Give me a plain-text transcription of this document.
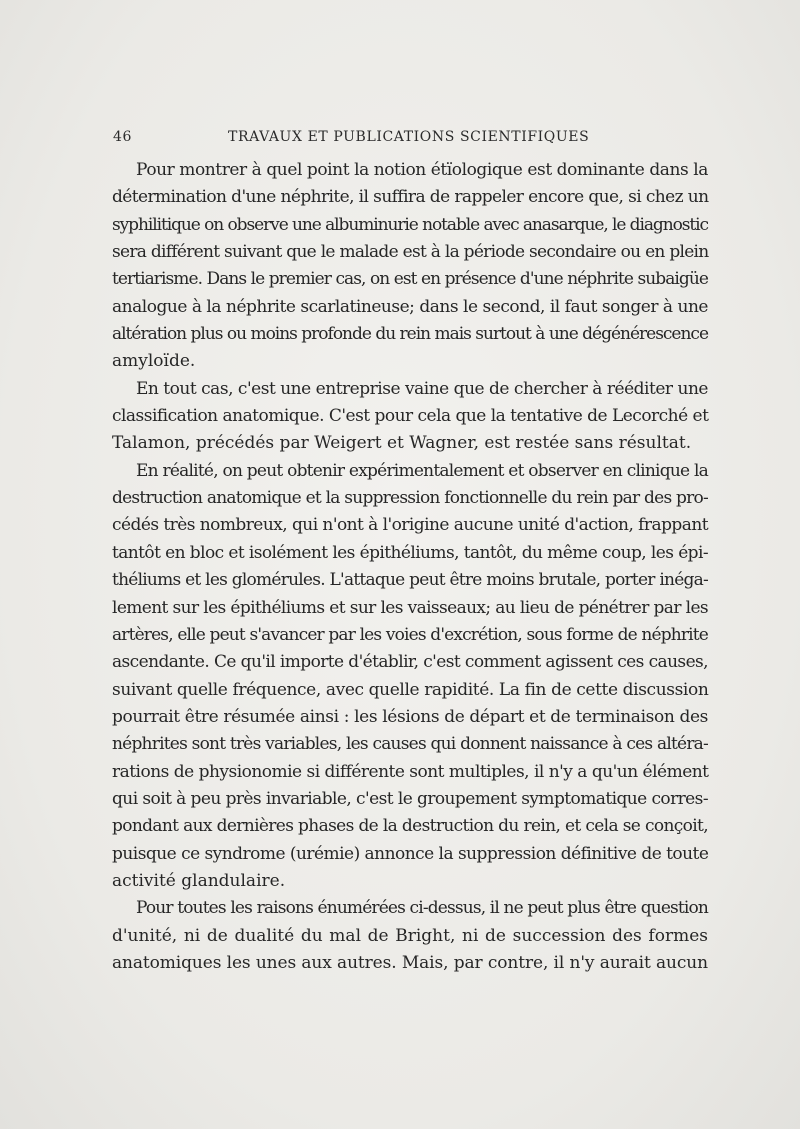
46	TRAVAUX ET PUBLICATIONS SCIENTIFIQUES

Pour montrer à quel point la notion étïologique est dominante dans la
détermination d'une néphrite, il suffira de rappeler encore que, si chez un
syphilitique on observe une albuminurie notable avec anasarque, le diagnostic
sera différent suivant que le malade est à la période secondaire ou en plein
tertiarisme. Dans le premier cas, on est en présence d'une néphrite subaigüe
analogue à la néphrite scarlatineuse; dans le second, il faut songer à une
altération plus ou moins profonde du rein mais surtout à une dégénérescence
amyloïde.

En tout cas, c'est une entreprise vaine que de chercher à rééditer une
classification anatomique. C'est pour cela que la tentative de Lecorché et
Talamon, précédés par Weigert et Wagner, est restée sans résultat.

En réalité, on peut obtenir expérimentalement et observer en clinique la
destruction anatomique et la suppression fonctionnelle du rein par des pro-
cédés très nombreux, qui n'ont à l'origine aucune unité d'action, frappant
tantôt en bloc et isolément les épithéliums, tantôt, du même coup, les épi-
théliums et les glomérules. L'attaque peut être moins brutale, porter inéga-
lement sur les épithéliums et sur les vaisseaux; au lieu de pénétrer par les
artères, elle peut s'avancer par les voies d'excrétion, sous forme de néphrite
ascendante. Ce qu'il importe d'établir, c'est comment agissent ces causes,
suivant quelle fréquence, avec quelle rapidité. La fin de cette discussion
pourrait être résumée ainsi : les lésions de départ et de terminaison des
néphrites sont très variables, les causes qui donnent naissance à ces altéra-
rations de physionomie si différente sont multiples, il n'y a qu'un élément
qui soit à peu près invariable, c'est le groupement symptomatique corres-
pondant aux dernières phases de la destruction du rein, et cela se conçoit,
puisque ce syndrome (urémie) annonce la suppression définitive de toute
activité glandulaire.

Pour toutes les raisons énumérées ci-dessus, il ne peut plus être question
d'unité, ni de dualité du mal de Bright, ni de succession des formes
anatomiques les unes aux autres. Mais, par contre, il n'y aurait aucun
